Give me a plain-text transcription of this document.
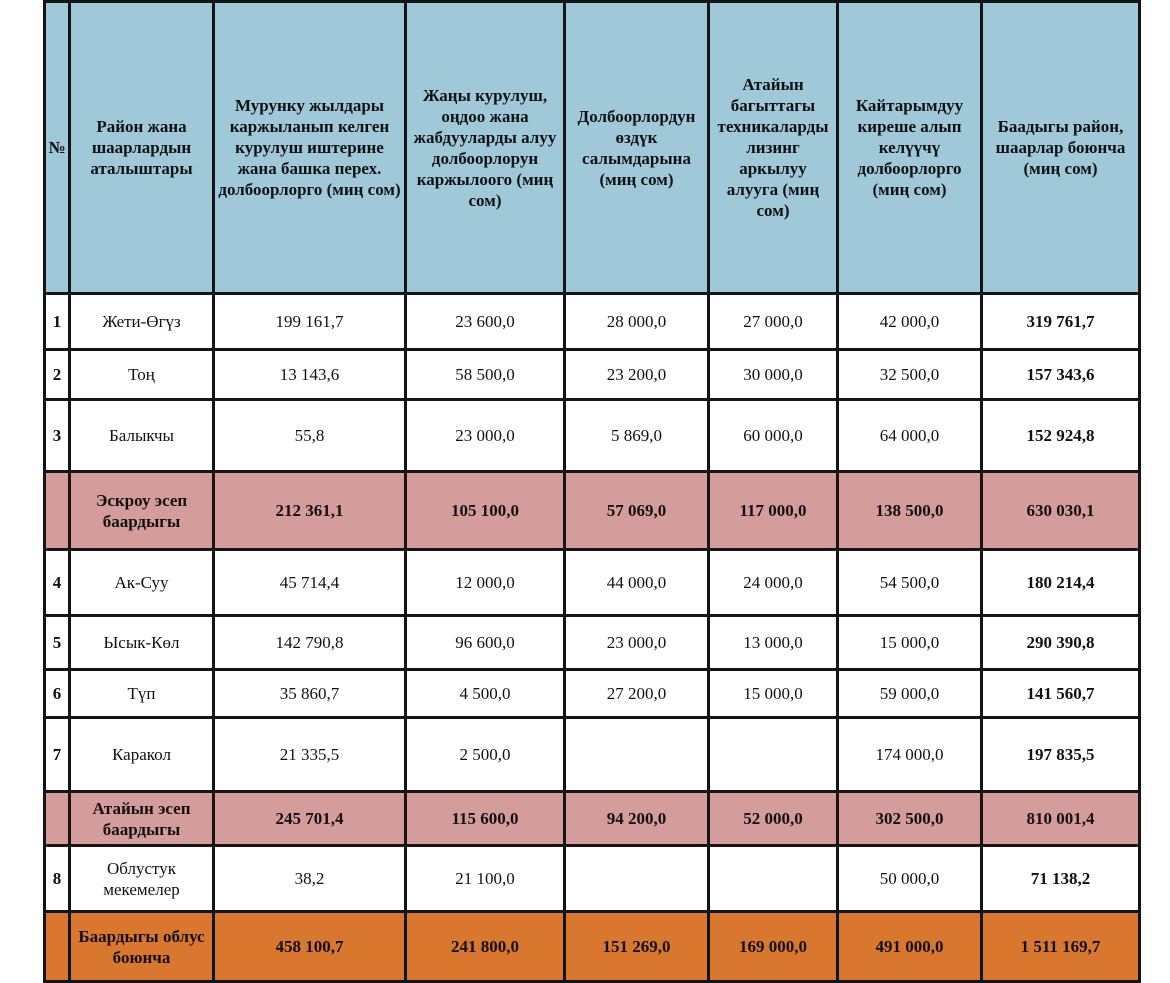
№	Район жана шаарлардын аталыштары	Мурунку жылдары каржыланып келген курулуш иштерине жана башка перех. долбоорлорго (миң сом)	Жаңы курулуш, оңдоо жана жабдууларды алуу долбоорлорун каржылоого (миң сом)	Долбоорлордун өздүк салымдарына (миң сом)	Атайын багыттагы техникаларды лизинг аркылуу алууга (миң сом)	Кайтарымдуу киреше алып келүүчү долбоорлорго (миң сом)	Баадыгы район, шаарлар боюнча (миң сом)
1	Жети-Өгүз	199 161,7	23 600,0	28 000,0	27 000,0	42 000,0	319 761,7
2	Тоң	13 143,6	58 500,0	23 200,0	30 000,0	32 500,0	157 343,6
3	Балыкчы	55,8	23 000,0	5 869,0	60 000,0	64 000,0	152 924,8
	Эскроу эсеп баардыгы	212 361,1	105 100,0	57 069,0	117 000,0	138 500,0	630 030,1
4	Ак-Суу	45 714,4	12 000,0	44 000,0	24 000,0	54 500,0	180 214,4
5	Ысык-Көл	142 790,8	96 600,0	23 000,0	13 000,0	15 000,0	290 390,8
6	Түп	35 860,7	4 500,0	27 200,0	15 000,0	59 000,0	141 560,7
7	Каракол	21 335,5	2 500,0			174 000,0	197 835,5
	Атайын эсеп баардыгы	245 701,4	115 600,0	94 200,0	52 000,0	302 500,0	810 001,4
8	Облустук мекемелер	38,2	21 100,0			50 000,0	71 138,2
	Баардыгы облус боюнча	458 100,7	241 800,0	151 269,0	169 000,0	491 000,0	1 511 169,7
